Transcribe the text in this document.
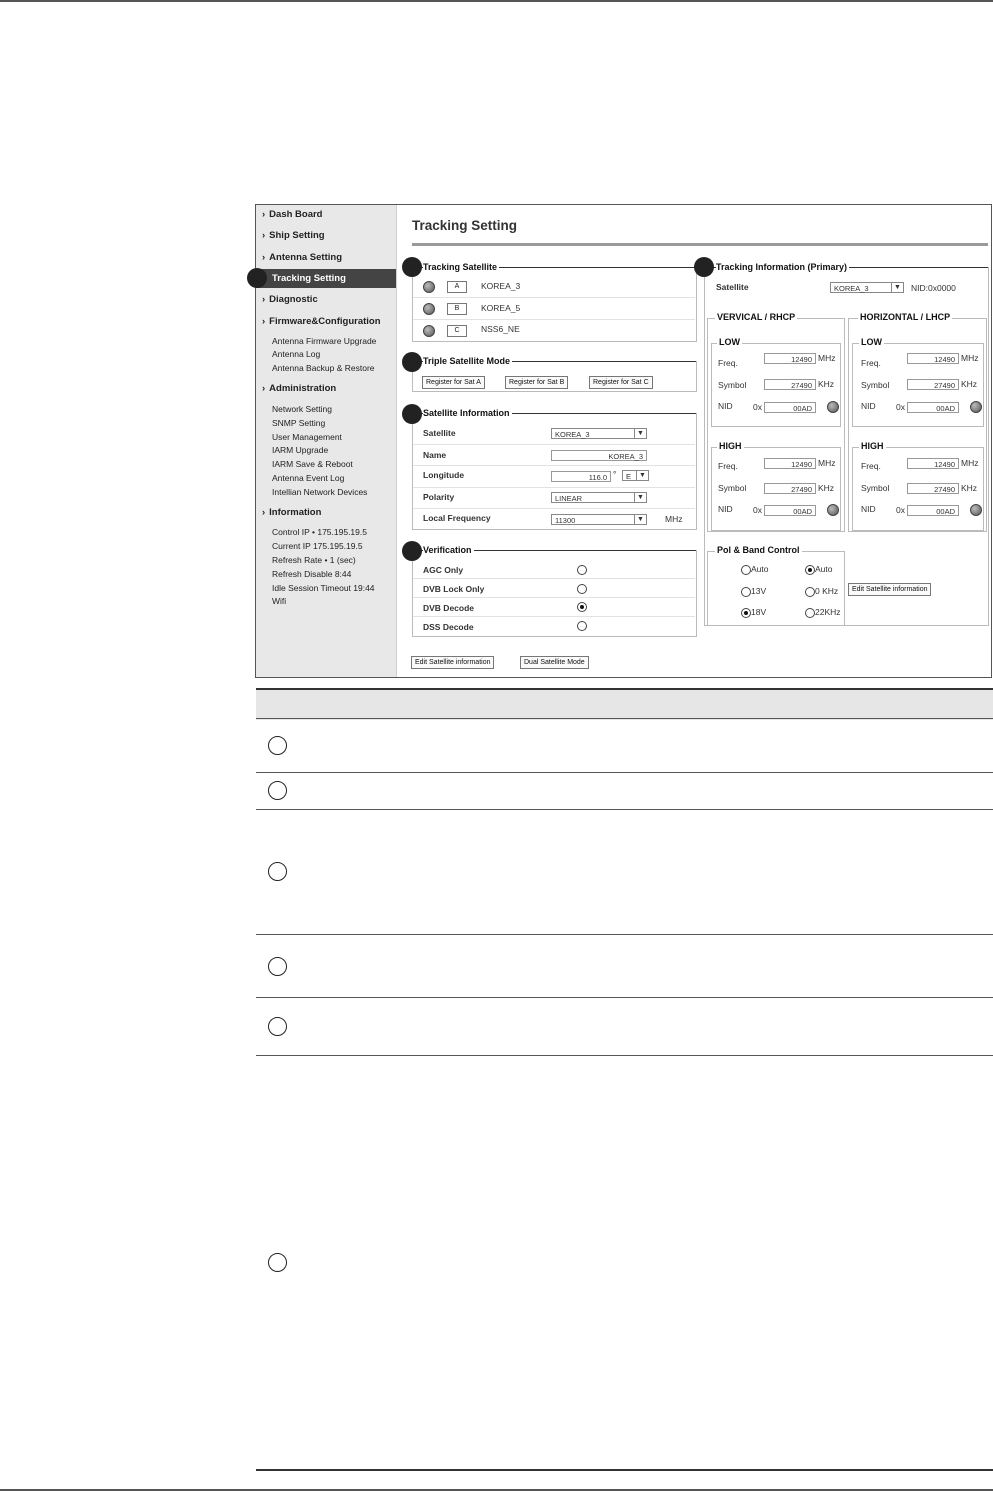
› Dash Board
› Ship Setting
› Antenna Setting
Tracking Setting
› Diagnostic
› Firmware&Configuration
Antenna Firmware Upgrade
Antenna Log
Antenna Backup & Restore
› Administration
Network Setting
SNMP Setting
User Management
IARM Upgrade
IARM Save & Reboot
Antenna Event Log
Intellian Network Devices
› Information
Control IP • 175.195.19.5
Current IP 175.195.19.5
Refresh Rate • 1 (sec)
Refresh Disable 8:44
Idle Session Timeout 19:44
Wifi
Tracking Setting
Tracking Satellite
A	KOREA_3
B	KOREA_5
C	NSS6_NE
Triple Satellite Mode
Register for Sat A	Register for Sat B	Register for Sat C
Satellite Information
Satellite	KOREA_3	▼
Name	KOREA_3
Longitude	116.0 °	E	▼
Polarity	LINEAR	▼
Local Frequency	11300	▼ MHz
Verification
AGC Only
DVB Lock Only
DVB Decode
DSS Decode
Edit Satellite information	Dual Satellite Mode
Tracking Information (Primary)
Satellite	KOREA_3	▼ NID:0x0000
VERVICAL / RHCP
LOW
Freq.	12490 MHz
Symbol	27490 KHz
NID 0x	00AD
HIGH
Freq.	12490 MHz
Symbol	27490 KHz
NID 0x	00AD
HORIZONTAL / LHCP
LOW
Freq.	12490 MHz
Symbol	27490 KHz
NID 0x	00AD
HIGH
Freq.	12490 MHz
Symbol	27490 KHz
NID 0x	00AD
Pol & Band Control
Auto	Auto
13V	0 KHz
18V	22KHz
Edit Satellite information
